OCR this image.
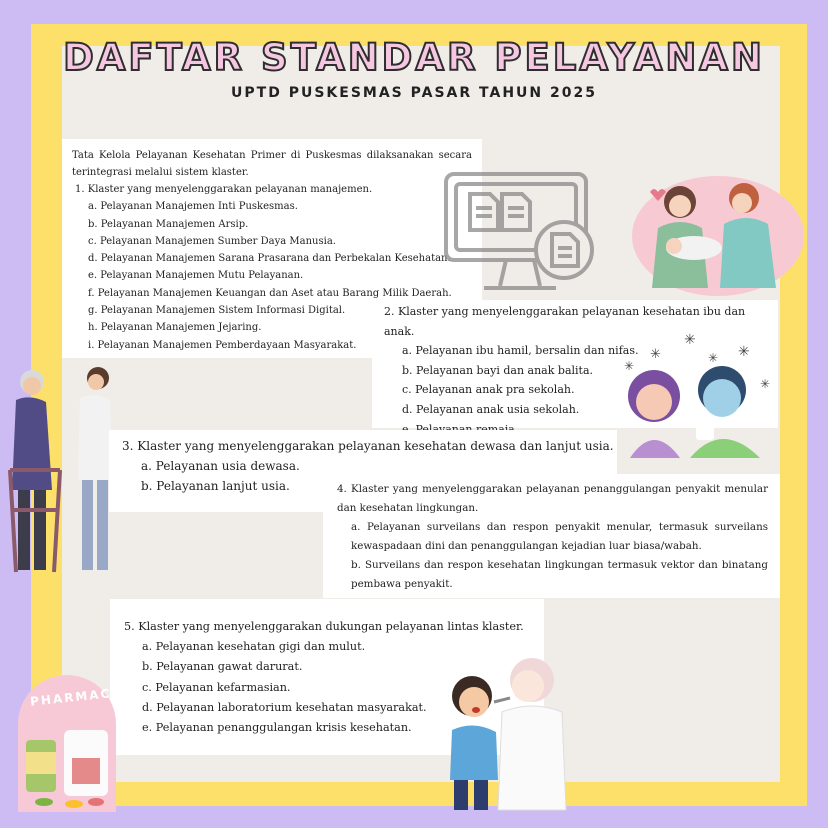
DAFTAR STANDAR PELAYANAN
UPTD PUSKESMAS PASAR TAHUN 2025

Tata Kelola Pelayanan Kesehatan Primer di Puskesmas dilaksanakan secara terintegrasi melalui sistem klaster.

1. Klaster yang menyelenggarakan pelayanan manajemen.

a. Pelayanan Manajemen Inti Puskesmas.

b. Pelayanan Manajemen Arsip.

c. Pelayanan Manajemen Sumber Daya Manusia.

d. Pelayanan Manajemen Sarana Prasarana dan Perbekalan Kesehatan.

e. Pelayanan Manajemen Mutu Pelayanan.

f. Pelayanan Manajemen Keuangan dan Aset atau Barang Milik Daerah.

g. Pelayanan Manajemen Sistem Informasi Digital.

h. Pelayanan Manajemen Jejaring.

i. Pelayanan Manajemen Pemberdayaan Masyarakat.

2. Klaster yang menyelenggarakan pelayanan kesehatan ibu dan anak.

a. Pelayanan ibu hamil, bersalin dan nifas.

b. Pelayanan bayi dan anak balita.

c. Pelayanan anak pra sekolah.

d. Pelayanan anak usia sekolah.

✳
✳	✳ ✳
✳
✳

3. Klaster yang menyelenggarakan pelayanan kesehatan dewasa dan lanjut usia.

a. Pelayanan usia dewasa.

b. Pelayanan lanjut usia.	4. Klaster yang menyelenggarakan pelayanan penanggulangan penyakit menular dan kesehatan lingkungan.

a. Pelayanan surveilans dan respon penyakit menular, termasuk surveilans kewaspadaan dini dan penanggulangan kejadian luar biasa/wabah.

b. Surveilans dan respon kesehatan lingkungan termasuk vektor dan binatang pembawa penyakit.

5. Klaster yang menyelenggarakan dukungan pelayanan lintas klaster.

a. Pelayanan kesehatan gigi dan mulut.

b. Pelayanan gawat darurat.

c. Pelayanan kefarmasian.

d. Pelayanan laboratorium kesehatan masyarakat.

e. Pelayanan penanggulangan krisis kesehatan.

PHARMACY
